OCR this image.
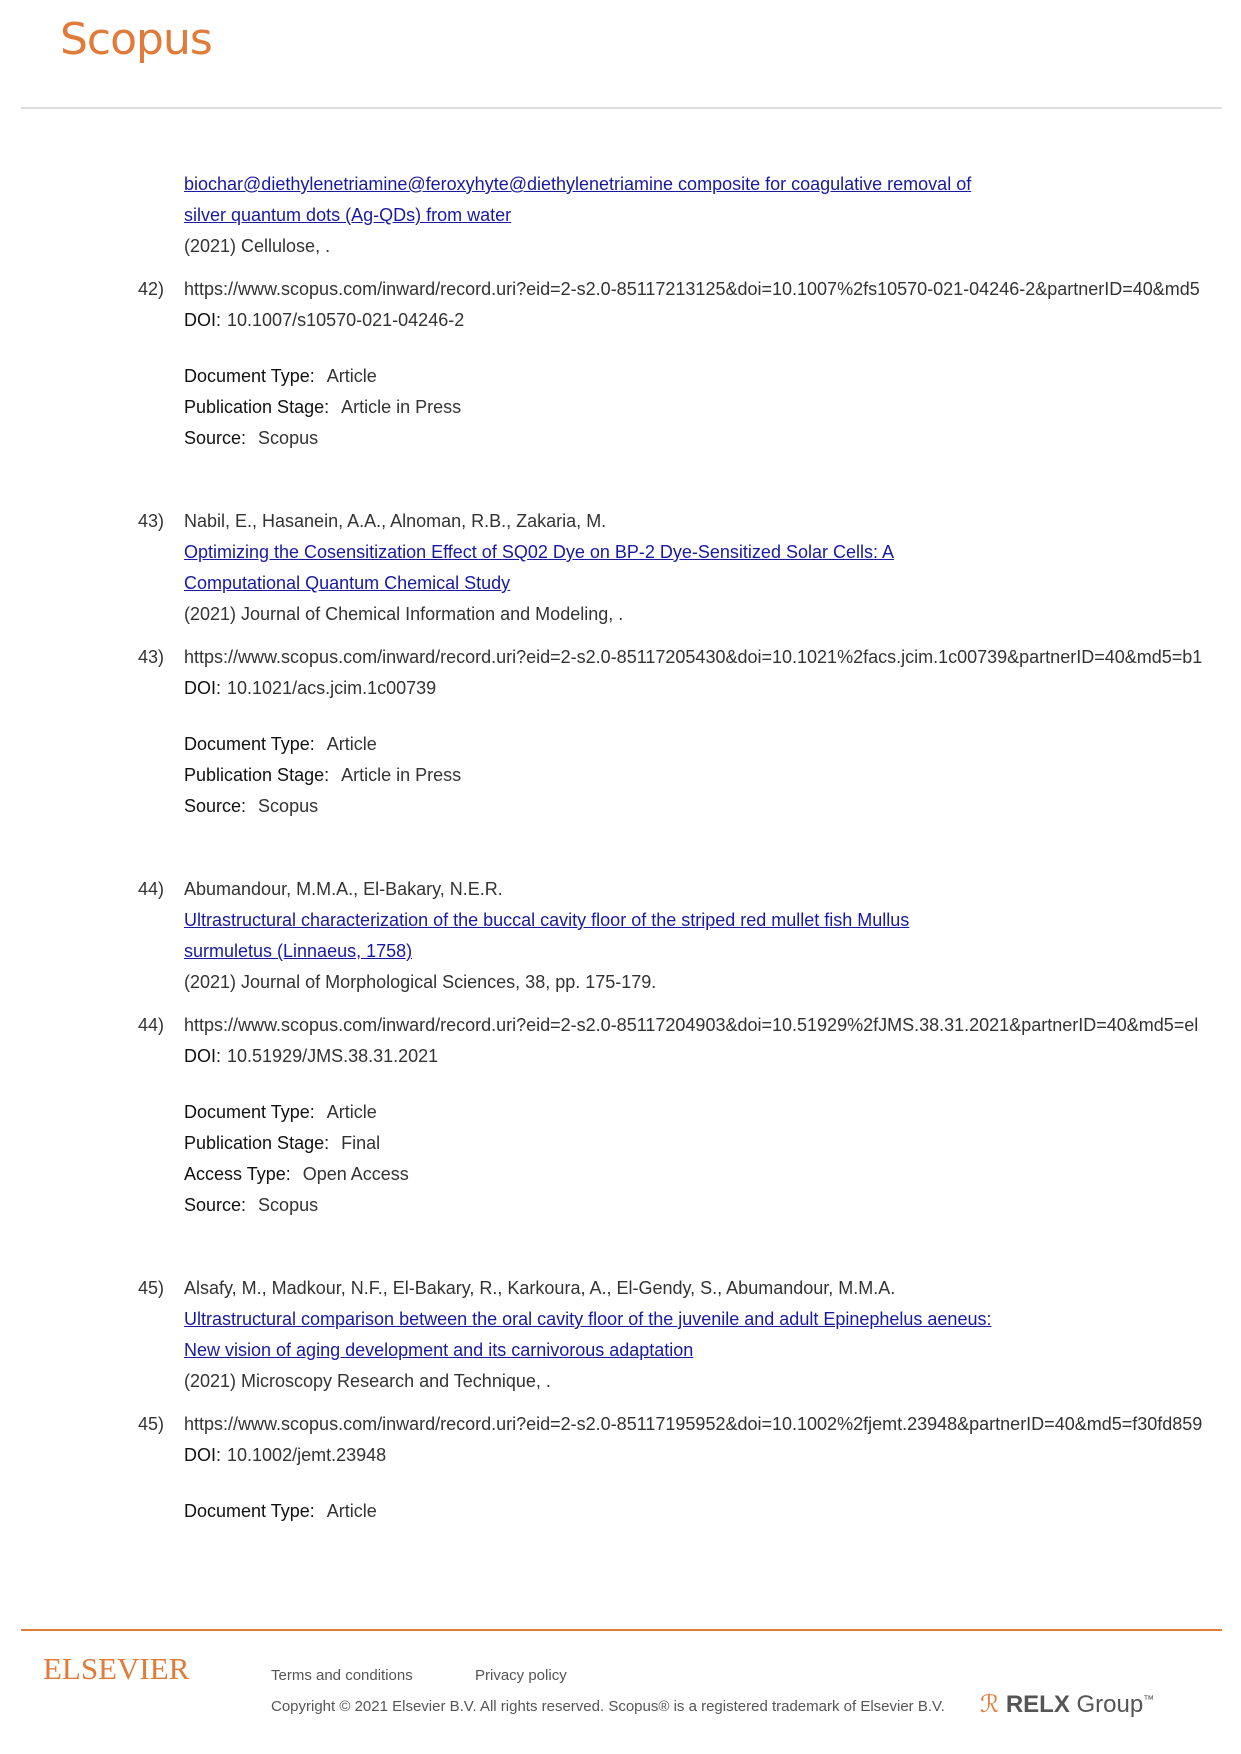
Scopus
biochar@diethylenetriamine@feroxyhyte@diethylenetriamine composite for coagulative removal of
silver quantum dots (Ag-QDs) from water
(2021) Cellulose, .
42) https://www.scopus.com/inward/record.uri?eid=2-s2.0-85117213125&doi=10.1007%2fs10570-021-04246-2&partnerID=40&md5
DOI: 10.1007/s10570-021-04246-2
Document Type: Article
Publication Stage: Article in Press
Source: Scopus
43) Nabil, E., Hasanein, A.A., Alnoman, R.B., Zakaria, M.
Optimizing the Cosensitization Effect of SQ02 Dye on BP-2 Dye-Sensitized Solar Cells: A
Computational Quantum Chemical Study
(2021) Journal of Chemical Information and Modeling, .
43) https://www.scopus.com/inward/record.uri?eid=2-s2.0-85117205430&doi=10.1021%2facs.jcim.1c00739&partnerID=40&md5=b1
DOI: 10.1021/acs.jcim.1c00739
Document Type: Article
Publication Stage: Article in Press
Source: Scopus
44) Abumandour, M.M.A., El-Bakary, N.E.R.
Ultrastructural characterization of the buccal cavity floor of the striped red mullet fish Mullus
surmuletus (Linnaeus, 1758)
(2021) Journal of Morphological Sciences, 38, pp. 175-179.
44) https://www.scopus.com/inward/record.uri?eid=2-s2.0-85117204903&doi=10.51929%2fJMS.38.31.2021&partnerID=40&md5=el
DOI: 10.51929/JMS.38.31.2021
Document Type: Article
Publication Stage: Final
Access Type: Open Access
Source: Scopus
45) Alsafy, M., Madkour, N.F., El-Bakary, R., Karkoura, A., El-Gendy, S., Abumandour, M.M.A.
Ultrastructural comparison between the oral cavity floor of the juvenile and adult Epinephelus aeneus:
New vision of aging development and its carnivorous adaptation
(2021) Microscopy Research and Technique, .
45) https://www.scopus.com/inward/record.uri?eid=2-s2.0-85117195952&doi=10.1002%2fjemt.23948&partnerID=40&md5=f30fd859
DOI: 10.1002/jemt.23948
Document Type: Article
ELSEVIER	Terms and conditions	Privacy policy
Copyright © 2021 Elsevier B.V. All rights reserved. Scopus® is a registered trademark of Elsevier B.V. ℛ RELX Group™
